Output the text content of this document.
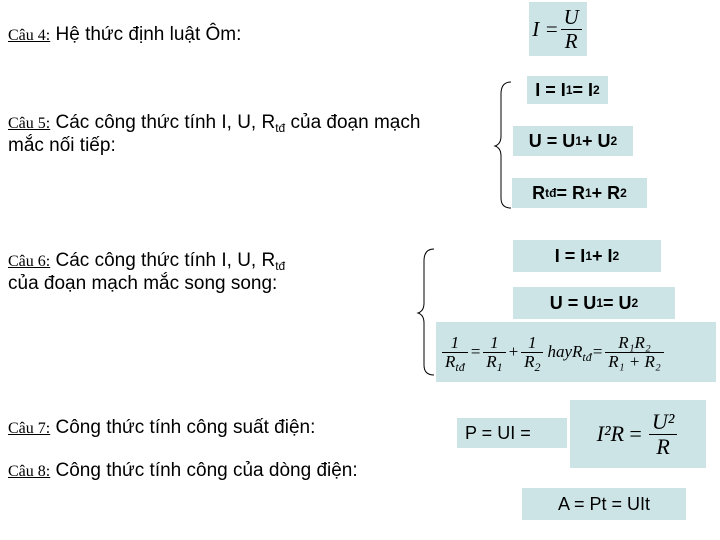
Câu 4: Hệ thức định luật Ôm:
Câu 5: Các công thức tính I, U, $R_{tđ}$ của đoạn mạch
mắc nối tiếp:
Câu 6: Các công thức tính I, U, $R_{tđ}$
của đoạn mạch mắc song song:
Câu 7: Công thức tính công suất điện:
Câu 8: Công thức tính công của dòng điện:
$I = \frac{U}{R}$
I = I 1 = I 2
U = U 1 + U 2
R tđ = R 1 + R 2
I = I 1 + I 2
U = U 1 = U 2
$\frac{1}{R_{tđ}} = \frac{1}{R_1} + \frac{1}{R_2}$ hayR$_{tđ}$ = $\frac{\text{R₁R₂}}{\text{R₁ + R₂}}$
P = UI =	$I^2R = \frac{\text{U²}}{R}$
A = Pt = UIt
